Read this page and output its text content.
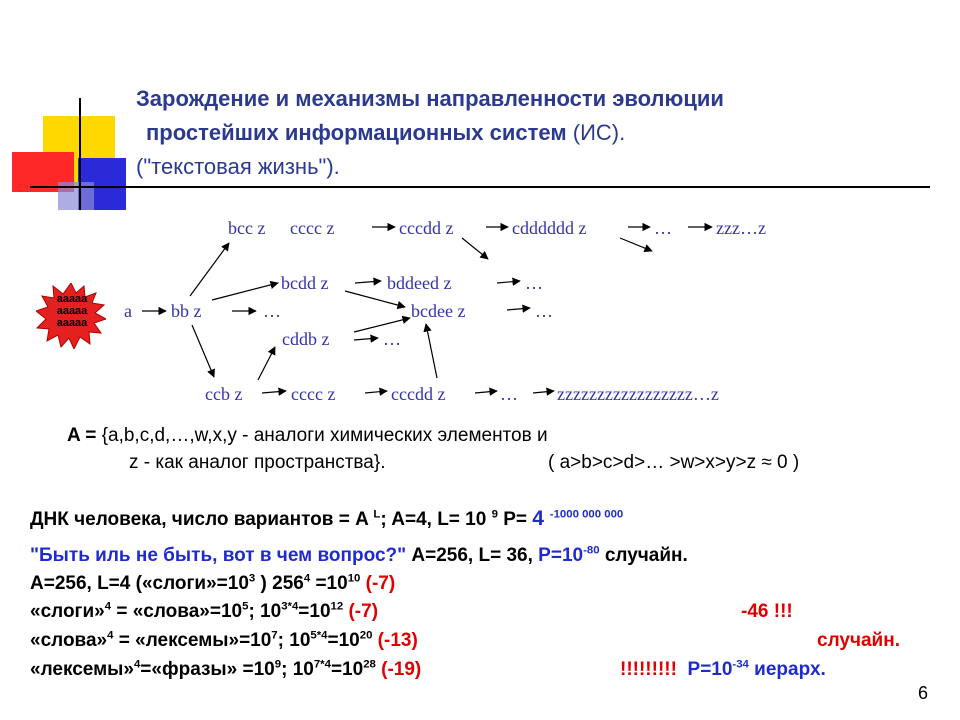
Зарождение и механизмы направленности эволюции
простейших информационных систем (ИС).
("текстовая жизнь").
aaaaa
aaaaa
aaaaa
bcc z cccc z	cccdd z	cdddddd z	… zzz…z
bcdd z	bddeed z	…
a bb z	…	bcdee z	…
cddb z	…
ccb z	cccc z	cccdd z	… zzzzzzzzzzzzzzzzz…z
A = {a,b,c,d,…,w,x,y - аналоги химических элементов и
z - как аналог пространства}.	( a>b>c>d>… >w>x>y>z ≈ 0 )
ДНК человека, число вариантов = A $^L$; A=4, L= 10 $^9$ P= 4 $^{-1000 000 000}$
"Быть иль не быть, вот в чем вопрос?" A=256, L= 36, $P=10^{-80}$ случайн.
A=256, L=4 («$слоги»=10^3$ ) $256^4 =10^{10}$ (-7)
«слоги»$^4$ = «$слова»=10^5$; $10^{3*4}=10^{12}$ (-7)	-46 !!!
«слова»$^4$ = «$лексемы»=10^7$; $10^{5*4}=10^{20}$ (-13)	случайн.
«лексемы»$^4$=«фразы» $=10^9$; $10^{7*4}=10^{28}$ (-19)	!!!!!!!!! $P=10^{-34}$ иерарх.
6
